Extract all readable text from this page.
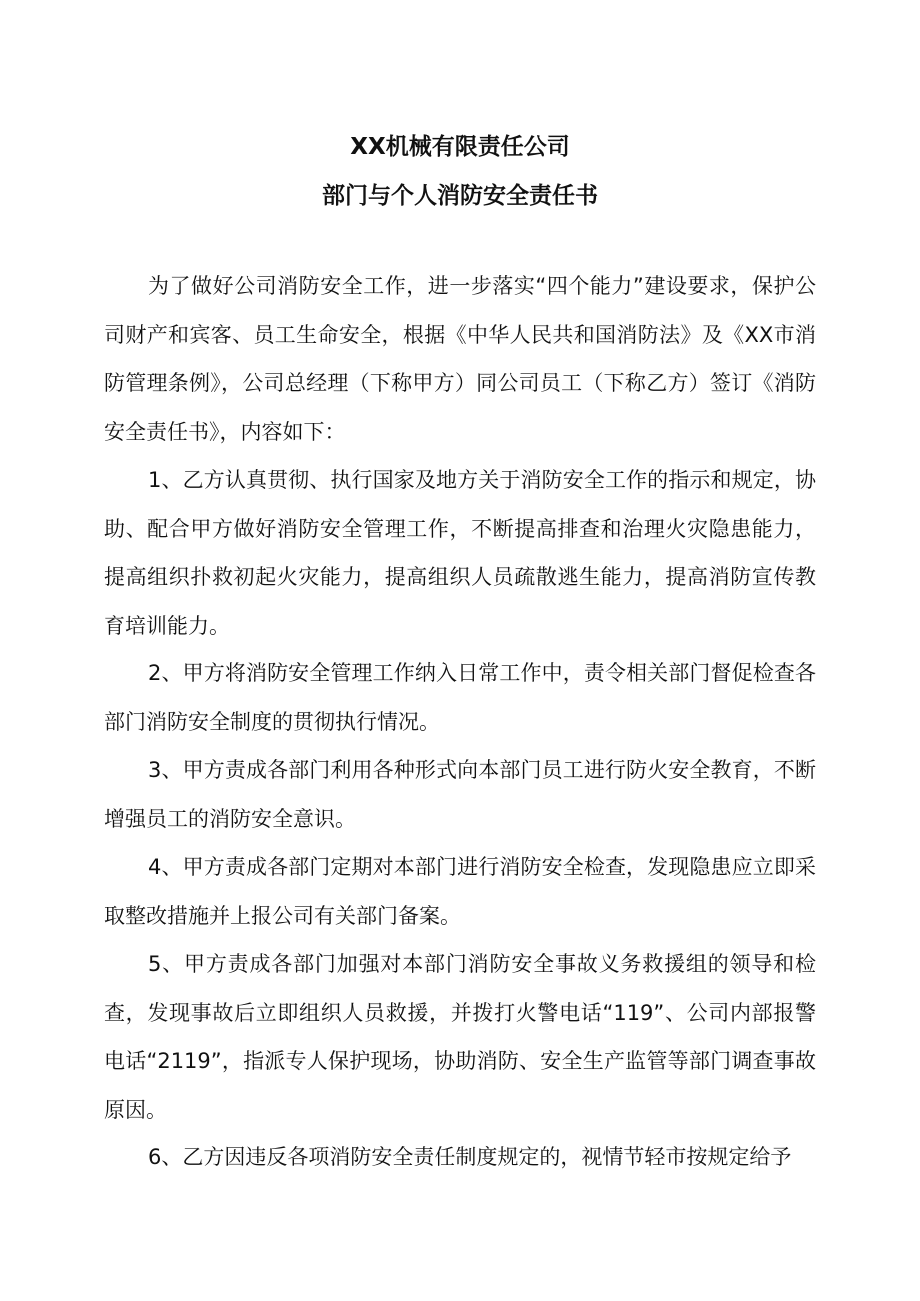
XX机械有限责任公司
部门与个人消防安全责任书

为了做好公司消防安全工作，进一步落实“四个能力”建设要求，保护公司财产和宾客、员工生命安全，根据《中华人民共和国消防法》及《XX市消防管理条例》，公司总经理（下称甲方）同公司员工（下称乙方）签订《消防安全责任书》，内容如下：

1、乙方认真贯彻、执行国家及地方关于消防安全工作的指示和规定，协助、配合甲方做好消防安全管理工作，不断提高排查和治理火灾隐患能力，提高组织扑救初起火灾能力，提高组织人员疏散逃生能力，提高消防宣传教育培训能力。

2、甲方将消防安全管理工作纳入日常工作中，责令相关部门督促检查各部门消防安全制度的贯彻执行情况。

3、甲方责成各部门利用各种形式向本部门员工进行防火安全教育，不断增强员工的消防安全意识。

4、甲方责成各部门定期对本部门进行消防安全检查，发现隐患应立即采取整改措施并上报公司有关部门备案。

5、甲方责成各部门加强对本部门消防安全事故义务救援组的领导和检查，发现事故后立即组织人员救援，并拨打火警电话“119”、公司内部报警电话“2119”，指派专人保护现场，协助消防、安全生产监管等部门调查事故原因。

6、乙方因违反各项消防安全责任制度规定的，视情节轻市按规定给予
